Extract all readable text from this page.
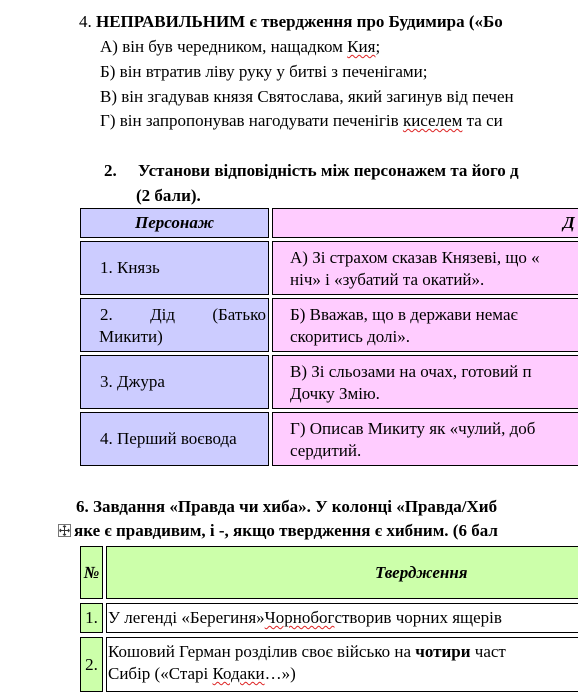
4. НЕПРАВИЛЬНИМ є твердження про Будимира («Бо
А) він був чередником, нащадком Кия;
Б) він втратив ліву руку у битві з печенігами;
В) він згадував князя Святослава, який загинув від печен
Г) він запропонував нагодувати печенігів киселем та си
2. Установи відповідність між персонажем та його д
(2 бали).
Персонаж	Д
1. Князь
А) Зі страхом сказав Князеві, що «
ніч» і «зубатий та окатий».
2. Дід (Батько
Микити)
Б) Вважав, що в держави немає
скоритись долі».
3. Джура
В) Зі сльозами на очах, готовий п
Дочку Змію.
4. Перший воєвода
Г) Описав Микиту як «чулий, доб
сердитий.
6. Завдання «Правда чи хиба». У колонці «Правда/Хиб
яке є правдивим, і -, якщо твердження є хибним. (6 бал
№	Твердження
1. У легенді «Берегиня» Чорнобог створив чорних ящерів
2.
Кошовий Герман розділив своє військо на чотири част
Сибір («Старі Кодаки…»)
